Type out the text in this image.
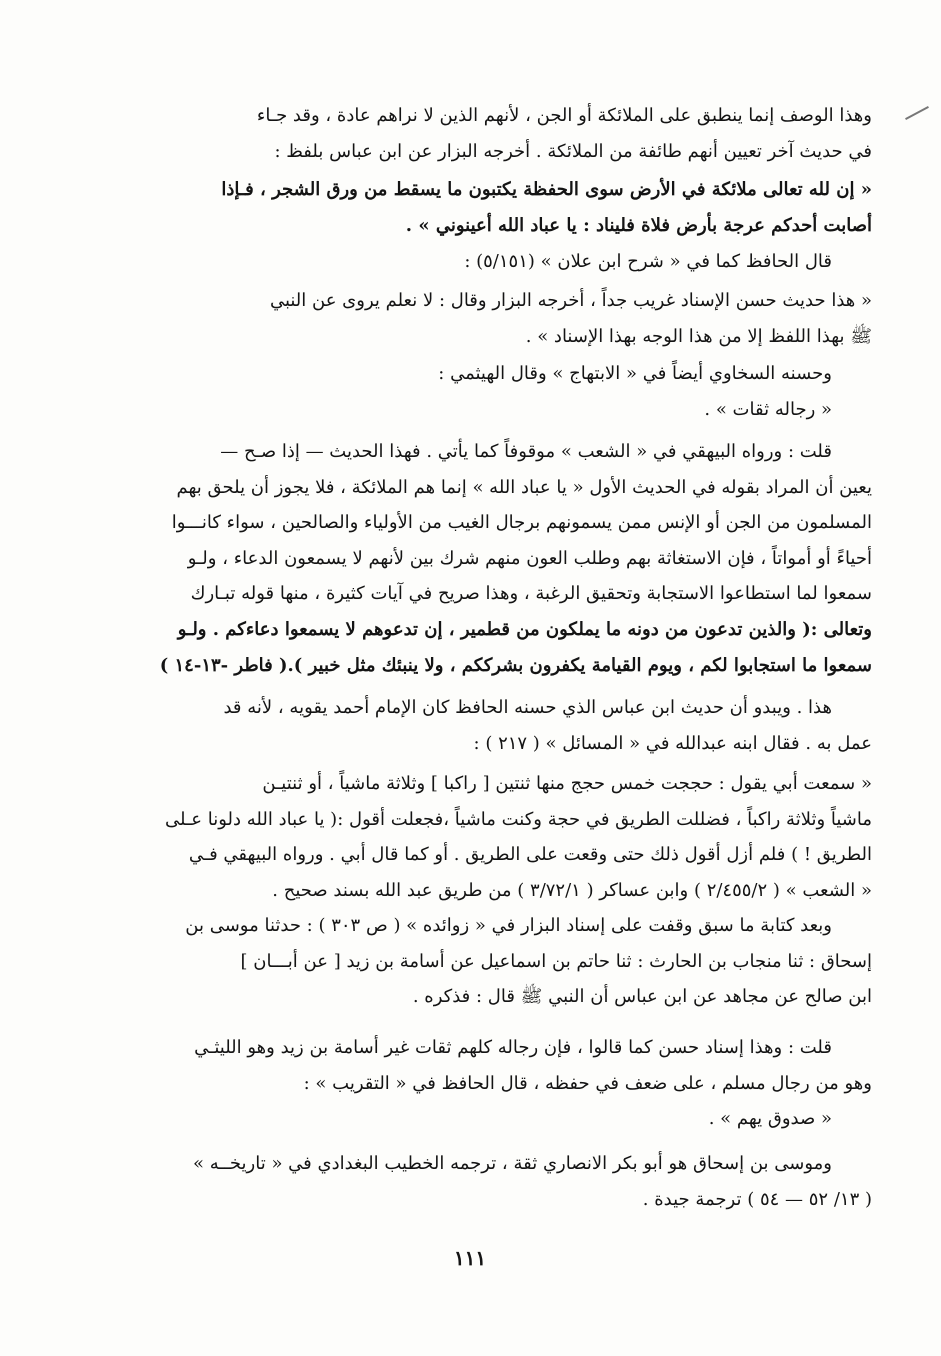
وهذا الوصف إنما ينطبق على الملائكة أو الجن ، لأنهم الذين لا نراهم عادة ، وقد جـاء
في حديث آخر تعيين أنهم طائفة من الملائكة . أخرجه البزار عن ابن عباس بلفظ :
« إن لله تعالى ملائكة في الأرض سوى الحفظة يكتبون ما يسقط من ورق الشجر ، فـإذا
أصابت أحدكم عرجة بأرض فلاة فليناد : يا عباد الله أعينوني » .
قال الحافظ كما في « شرح ابن علان » (٥/١٥١) :
« هذا حديث حسن الإسناد غريب جداً ، أخرجه البزار وقال : لا نعلم يروى عن النبي
ﷺ بهذا اللفظ إلا من هذا الوجه بهذا الإسناد » .
وحسنه السخاوي أيضاً في « الابتهاج » وقال الهيثمي :
« رجاله ثقات » .
قلت : ورواه البيهقي في « الشعب » موقوفاً كما يأتي . فهذا الحديث — إذا صـح —
يعين أن المراد بقوله في الحديث الأول « يا عباد الله » إنما هم الملائكة ، فلا يجوز أن يلحق بهم
المسلمون من الجن أو الإنس ممن يسمونهم برجال الغيب من الأولياء والصالحين ، سواء كانـــوا
أحياءً أو أمواتاً ، فإن الاستغاثة بهم وطلب العون منهم شرك بين لأنهم لا يسمعون الدعاء ، ولـو
سمعوا لما استطاعوا الاستجابة وتحقيق الرغبة ، وهذا صريح في آيات كثيرة ، منها قوله تبـارك
وتعالى :( والذين تدعون من دونه ما يملكون من قطمير ، إن تدعوهم لا يسمعوا دعاءكم . ولـو
سمعوا ما استجابوا لكم ، ويوم القيامة يكفرون بشرككم ، ولا ينبئك مثل خبير ).( فاطر -١٣-١٤ )
هذا . ويبدو أن حديث ابن عباس الذي حسنه الحافظ كان الإمام أحمد يقويه ، لأنه قد
عمل به . فقال ابنه عبدالله في « المسائل » ( ٢١٧ ) :
« سمعت أبي يقول : حججت خمس حجج منها ثنتين [ راكبا ] وثلاثة ماشياً ، أو ثنتيـن
ماشياً وثلاثة راكباً ، فضللت الطريق في حجة وكنت ماشياً ،فجعلت أقول :( يا عباد الله دلونا عـلى
الطريق ! ) فلم أزل أقول ذلك حتى وقعت على الطريق . أو كما قال أبي . ورواه البيهقي فـي
« الشعب » ( ٢/٤٥٥/٢ ) وابن عساكر ( ٣/٧٢/١ ) من طريق عبد الله بسند صحيح .
وبعد كتابة ما سبق وقفت على إسناد البزار في « زوائده » ( ص ٣٠٣ ) : حدثنا موسى بن
إسحاق : ثنا منجاب بن الحارث : ثنا حاتم بن اسماعيل عن أسامة بن زيد [ عن أبـــان ]
ابن صالح عن مجاهد عن ابن عباس أن النبي ﷺ قال : فذكره .
قلت : وهذا إسناد حسن كما قالوا ، فإن رجاله كلهم ثقات غير أسامة بن زيد وهو الليثـي
وهو من رجال مسلم ، على ضعف في حفظه ، قال الحافظ في « التقريب » :
« صدوق يهم » .
وموسى بن إسحاق هو أبو بكر الانصاري ثقة ، ترجمه الخطيب البغدادي في « تاريخــه »
( ١٣/ ٥٢ — ٥٤ ) ترجمة جيدة .
١١١
